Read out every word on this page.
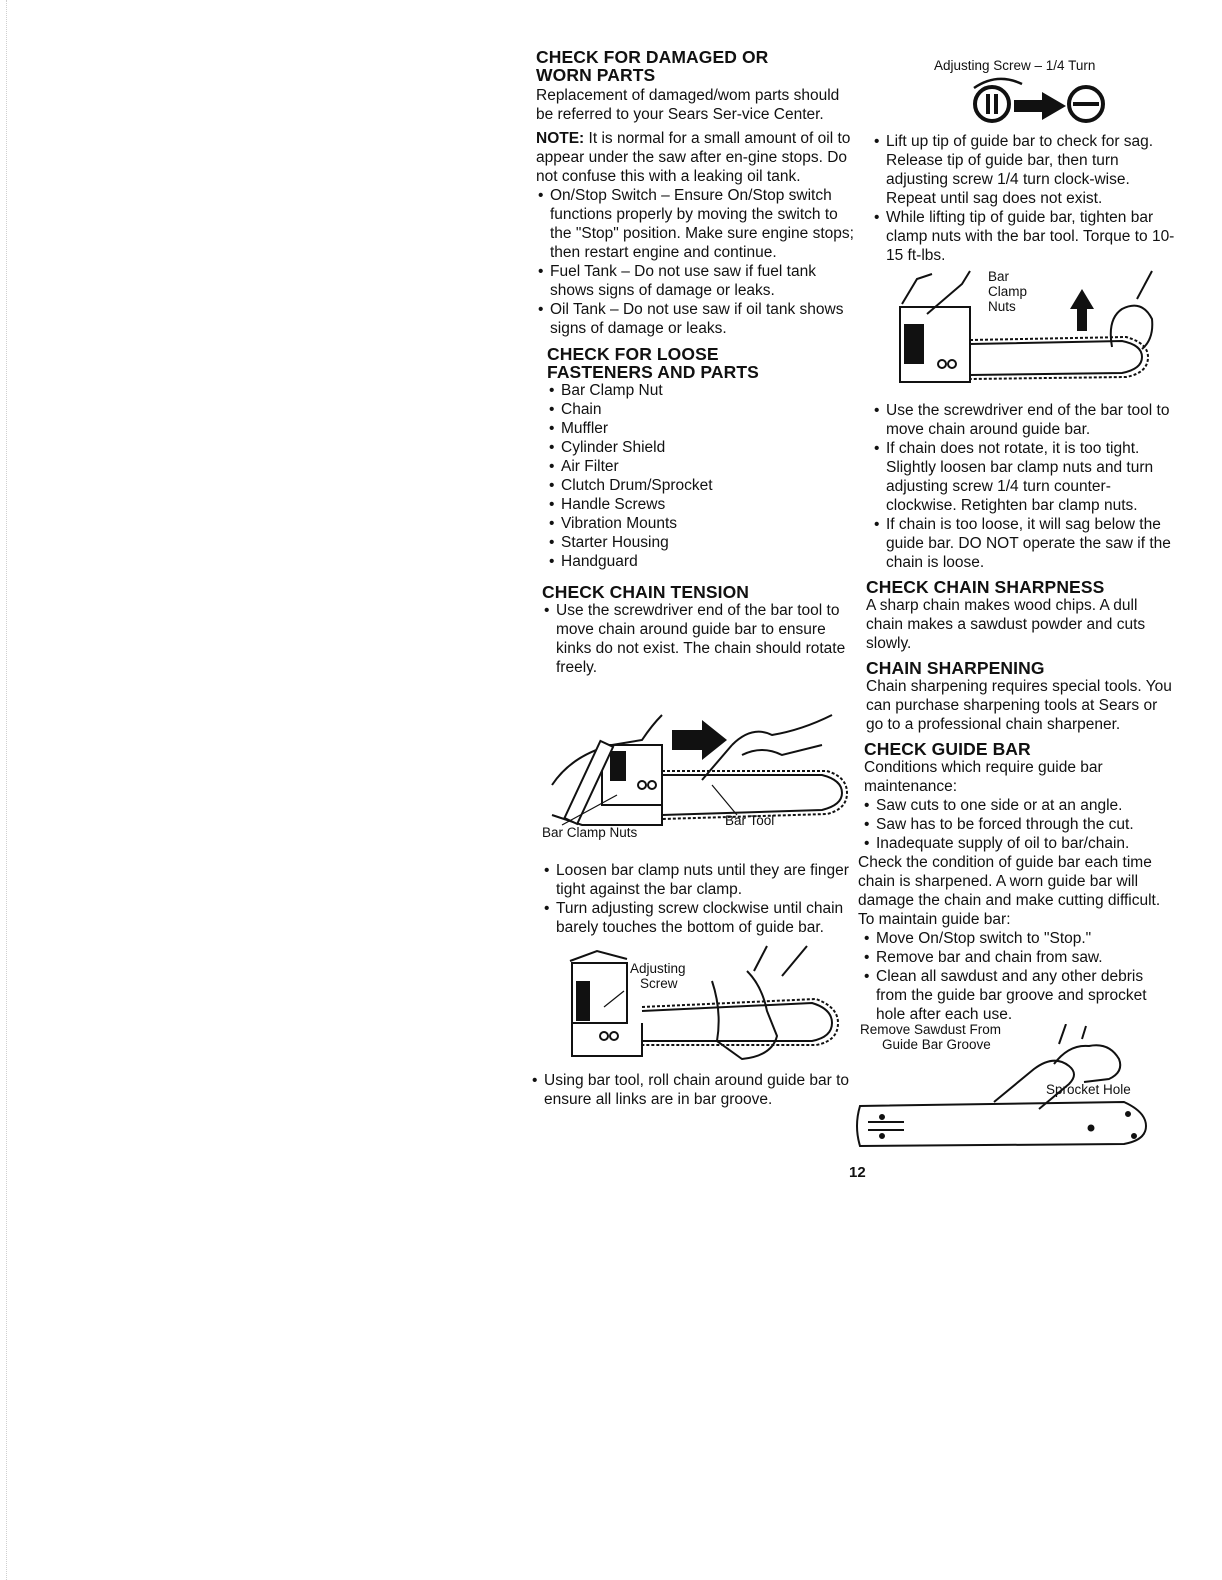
CHECK FOR DAMAGED OR
WORN PARTS

Replacement of damaged/wom parts should be referred to your Sears Ser-vice Center.

NOTE: It is normal for a small amount of oil to appear under the saw after en-gine stops. Do not confuse this with a leaking oil tank.

• On/Stop Switch – Ensure On/Stop switch functions properly by moving the switch to the "Stop" position. Make sure engine stops; then restart engine and continue.
• Fuel Tank – Do not use saw if fuel tank shows signs of damage or leaks.
• Oil Tank – Do not use saw if oil tank shows signs of damage or leaks.
CHECK FOR LOOSE
FASTENERS AND PARTS
• Bar Clamp Nut
• Chain
• Muffler
• Cylinder Shield
• Air Filter
• Clutch Drum/Sprocket
• Handle Screws
• Vibration Mounts
• Starter Housing
• Handguard
CHECK CHAIN TENSION
• Use the screwdriver end of the bar tool to move chain around guide bar to ensure kinks do not exist. The chain should rotate freely.
Bar Clamp Nuts
Bar Tool
• Loosen bar clamp nuts until they are finger tight against the bar clamp.
• Turn adjusting screw clockwise until chain barely touches the bottom of guide bar.
Adjusting
Screw
• Using bar tool, roll chain around guide bar to ensure all links are in bar groove.
Adjusting Screw – 1/4 Turn
• Lift up tip of guide bar to check for sag. Release tip of guide bar, then turn adjusting screw 1/4 turn clock-wise. Repeat until sag does not exist.
• While lifting tip of guide bar, tighten bar clamp nuts with the bar tool. Torque to 10-15 ft-lbs.
Bar
Clamp
Nuts
• Use the screwdriver end of the bar tool to move chain around guide bar.
• If chain does not rotate, it is too tight. Slightly loosen bar clamp nuts and turn adjusting screw 1/4 turn counter-clockwise. Retighten bar clamp nuts.
• If chain is too loose, it will sag below the guide bar. DO NOT operate the saw if the chain is loose.
CHECK CHAIN SHARPNESS

A sharp chain makes wood chips. A dull chain makes a sawdust powder and cuts slowly.

CHAIN SHARPENING

Chain sharpening requires special tools. You can purchase sharpening tools at Sears or go to a professional chain sharpener.

CHECK GUIDE BAR

Conditions which require guide bar maintenance:

• Saw cuts to one side or at an angle.
• Saw has to be forced through the cut.
• Inadequate supply of oil to bar/chain.

Check the condition of guide bar each time chain is sharpened. A worn guide bar will damage the chain and make cutting difficult. To maintain guide bar:

• Move On/Stop switch to "Stop."
• Remove bar and chain from saw.
• Clean all sawdust and any other debris from the guide bar groove and sprocket hole after each use.
Remove Sawdust From
Guide Bar Groove
Sprocket Hole
12
